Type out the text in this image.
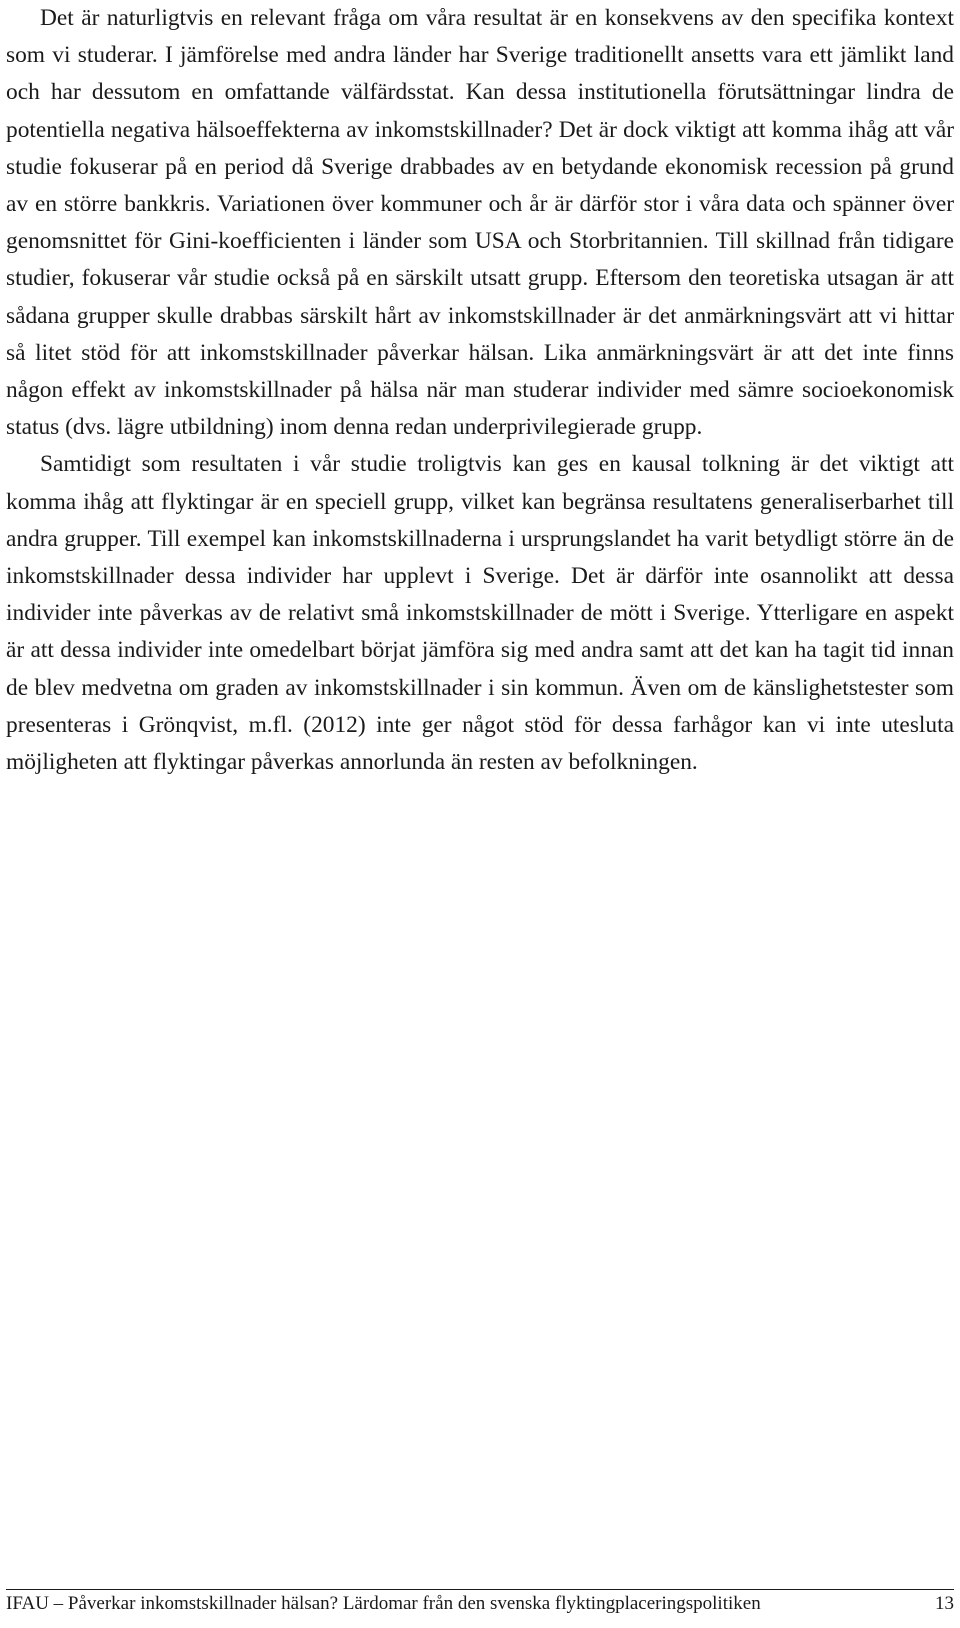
Det är naturligtvis en relevant fråga om våra resultat är en konsekvens av den specifika kontext som vi studerar. I jämförelse med andra länder har Sverige traditionellt ansetts vara ett jämlikt land och har dessutom en omfattande välfärdsstat. Kan dessa institutionella förutsättningar lindra de potentiella negativa hälsoeffekterna av inkomstskillnader? Det är dock viktigt att komma ihåg att vår studie fokuserar på en period då Sverige drabbades av en betydande ekonomisk recession på grund av en större bankkris. Variationen över kommuner och år är därför stor i våra data och spänner över genomsnittet för Gini-koefficienten i länder som USA och Storbritannien. Till skillnad från tidigare studier, fokuserar vår studie också på en särskilt utsatt grupp. Eftersom den teoretiska utsagan är att sådana grupper skulle drabbas särskilt hårt av inkomstskillnader är det anmärkningsvärt att vi hittar så litet stöd för att inkomstskillnader påverkar hälsan. Lika anmärkningsvärt är att det inte finns någon effekt av inkomstskillnader på hälsa när man studerar individer med sämre socioekonomisk status (dvs. lägre utbildning) inom denna redan underprivilegierade grupp.

Samtidigt som resultaten i vår studie troligtvis kan ges en kausal tolkning är det viktigt att komma ihåg att flyktingar är en speciell grupp, vilket kan begränsa resultatens generaliserbarhet till andra grupper. Till exempel kan inkomstskillnaderna i ursprungslandet ha varit betydligt större än de inkomstskillnader dessa individer har upplevt i Sverige. Det är därför inte osannolikt att dessa individer inte påverkas av de relativt små inkomstskillnader de mött i Sverige. Ytterligare en aspekt är att dessa individer inte omedelbart börjat jämföra sig med andra samt att det kan ha tagit tid innan de blev medvetna om graden av inkomstskillnader i sin kommun. Även om de känslighetstester som presenteras i Grönqvist, m.fl. (2012) inte ger något stöd för dessa farhågor kan vi inte utesluta möjligheten att flyktingar påverkas annorlunda än resten av befolkningen.

IFAU – Påverkar inkomstskillnader hälsan? Lärdomar från den svenska flyktingplaceringspolitiken	13
